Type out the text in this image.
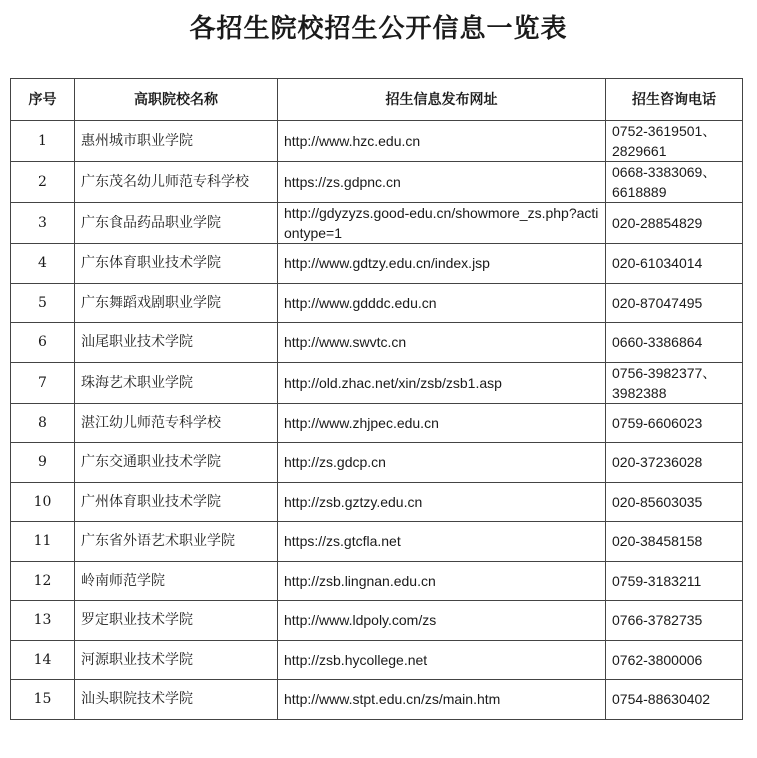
各招生院校招生公开信息一览表
序号	高职院校名称	招生信息发布网址	招生咨询电话
1	惠州城市职业学院	http://www.hzc.edu.cn	0752-3619501、2829661
2	广东茂名幼儿师范专科学校	https://zs.gdpnc.cn	0668-3383069、6618889
3	广东食品药品职业学院	http://gdyzyzs.good-edu.cn/showmore_zs.php?actiontype=1	020-28854829
4	广东体育职业技术学院	http://www.gdtzy.edu.cn/index.jsp	020-61034014
5	广东舞蹈戏剧职业学院	http://www.gdddc.edu.cn	020-87047495
6	汕尾职业技术学院	http://www.swvtc.cn	0660-3386864
7	珠海艺术职业学院	http://old.zhac.net/xin/zsb/zsb1.asp	0756-3982377、3982388
8	湛江幼儿师范专科学校	http://www.zhjpec.edu.cn	0759-6606023
9	广东交通职业技术学院	http://zs.gdcp.cn	020-37236028
10	广州体育职业技术学院	http://zsb.gztzy.edu.cn	020-85603035
11	广东省外语艺术职业学院	https://zs.gtcfla.net	020-38458158
12	岭南师范学院	http://zsb.lingnan.edu.cn	0759-3183211
13	罗定职业技术学院	http://www.ldpoly.com/zs	0766-3782735
14	河源职业技术学院	http://zsb.hycollege.net	0762-3800006
15	汕头职院技术学院	http://www.stpt.edu.cn/zs/main.htm	0754-88630402
